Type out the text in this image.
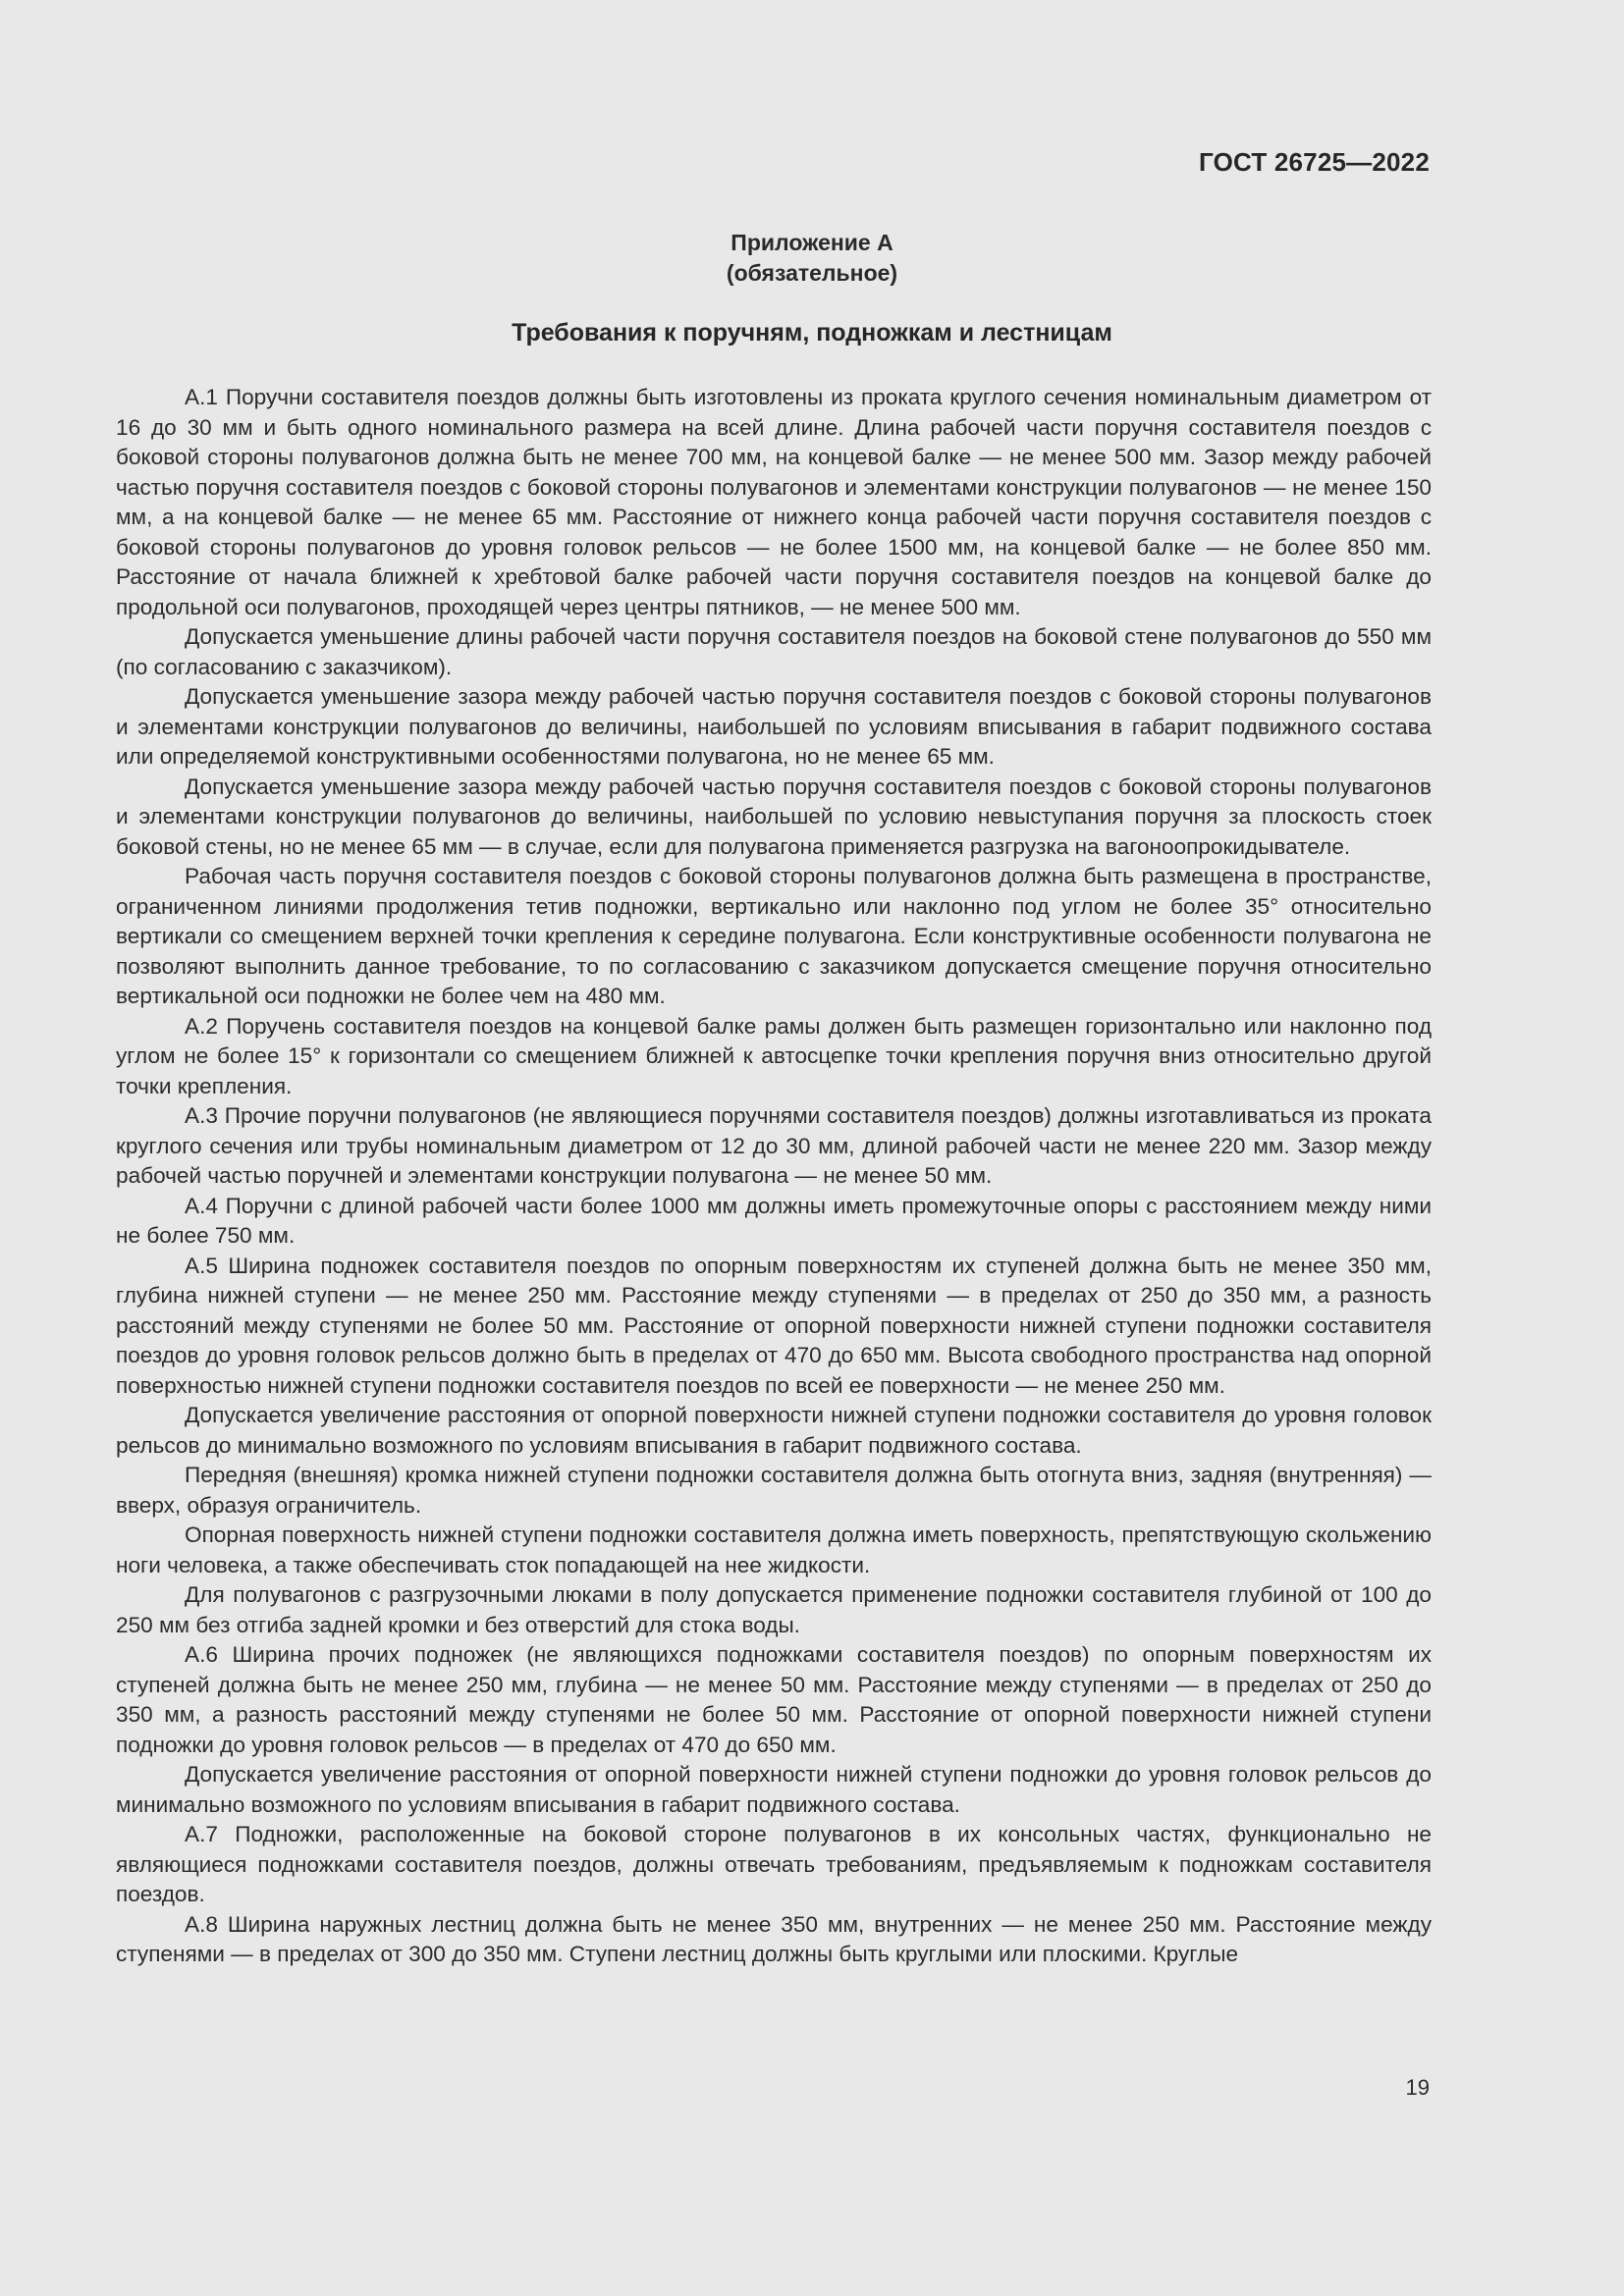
ГОСТ 26725—2022
Приложение А
(обязательное)
Требования к поручням, подножкам и лестницам

А.1 Поручни составителя поездов должны быть изготовлены из проката круглого сечения номинальным диаметром от 16 до 30 мм и быть одного номинального размера на всей длине. Длина рабочей части поручня составителя поездов с боковой стороны полувагонов должна быть не менее 700 мм, на концевой балке — не менее 500 мм. Зазор между рабочей частью поручня составителя поездов с боковой стороны полувагонов и элементами конструкции полувагонов — не менее 150 мм, а на концевой балке — не менее 65 мм. Расстояние от нижнего конца рабочей части поручня составителя поездов с боковой стороны полувагонов до уровня головок рельсов — не более 1500 мм, на концевой балке — не более 850 мм. Расстояние от начала ближней к хребтовой балке рабочей части поручня составителя поездов на концевой балке до продольной оси полувагонов, проходящей через центры пятников, — не менее 500 мм.

Допускается уменьшение длины рабочей части поручня составителя поездов на боковой стене полувагонов до 550 мм (по согласованию с заказчиком).

Допускается уменьшение зазора между рабочей частью поручня составителя поездов с боковой стороны полувагонов и элементами конструкции полувагонов до величины, наибольшей по условиям вписывания в габарит подвижного состава или определяемой конструктивными особенностями полувагона, но не менее 65 мм.

Допускается уменьшение зазора между рабочей частью поручня составителя поездов с боковой стороны полувагонов и элементами конструкции полувагонов до величины, наибольшей по условию невыступания поручня за плоскость стоек боковой стены, но не менее 65 мм — в случае, если для полувагона применяется разгрузка на вагоноопрокидывателе.

Рабочая часть поручня составителя поездов с боковой стороны полувагонов должна быть размещена в пространстве, ограниченном линиями продолжения тетив подножки, вертикально или наклонно под углом не более 35° относительно вертикали со смещением верхней точки крепления к середине полувагона. Если конструктивные особенности полувагона не позволяют выполнить данное требование, то по согласованию с заказчиком допускается смещение поручня относительно вертикальной оси подножки не более чем на 480 мм.

А.2 Поручень составителя поездов на концевой балке рамы должен быть размещен горизонтально или наклонно под углом не более 15° к горизонтали со смещением ближней к автосцепке точки крепления поручня вниз относительно другой точки крепления.

А.3 Прочие поручни полувагонов (не являющиеся поручнями составителя поездов) должны изготавливаться из проката круглого сечения или трубы номинальным диаметром от 12 до 30 мм, длиной рабочей части не менее 220 мм. Зазор между рабочей частью поручней и элементами конструкции полувагона — не менее 50 мм.

А.4 Поручни с длиной рабочей части более 1000 мм должны иметь промежуточные опоры с расстоянием между ними не более 750 мм.

А.5 Ширина подножек составителя поездов по опорным поверхностям их ступеней должна быть не менее 350 мм, глубина нижней ступени — не менее 250 мм. Расстояние между ступенями — в пределах от 250 до 350 мм, а разность расстояний между ступенями не более 50 мм. Расстояние от опорной поверхности нижней ступени подножки составителя поездов до уровня головок рельсов должно быть в пределах от 470 до 650 мм. Высота свободного пространства над опорной поверхностью нижней ступени подножки составителя поездов по всей ее поверхности — не менее 250 мм.

Допускается увеличение расстояния от опорной поверхности нижней ступени подножки составителя до уровня головок рельсов до минимально возможного по условиям вписывания в габарит подвижного состава.

Передняя (внешняя) кромка нижней ступени подножки составителя должна быть отогнута вниз, задняя (внутренняя) — вверх, образуя ограничитель.

Опорная поверхность нижней ступени подножки составителя должна иметь поверхность, препятствующую скольжению ноги человека, а также обеспечивать сток попадающей на нее жидкости.

Для полувагонов с разгрузочными люками в полу допускается применение подножки составителя глубиной от 100 до 250 мм без отгиба задней кромки и без отверстий для стока воды.

А.6 Ширина прочих подножек (не являющихся подножками составителя поездов) по опорным поверхностям их ступеней должна быть не менее 250 мм, глубина — не менее 50 мм. Расстояние между ступенями — в пределах от 250 до 350 мм, а разность расстояний между ступенями не более 50 мм. Расстояние от опорной поверхности нижней ступени подножки до уровня головок рельсов — в пределах от 470 до 650 мм.

Допускается увеличение расстояния от опорной поверхности нижней ступени подножки до уровня головок рельсов до минимально возможного по условиям вписывания в габарит подвижного состава.

А.7 Подножки, расположенные на боковой стороне полувагонов в их консольных частях, функционально не являющиеся подножками составителя поездов, должны отвечать требованиям, предъявляемым к подножкам составителя поездов.

А.8 Ширина наружных лестниц должна быть не менее 350 мм, внутренних — не менее 250 мм. Расстояние между ступенями — в пределах от 300 до 350 мм. Ступени лестниц должны быть круглыми или плоскими. Круглые

19
